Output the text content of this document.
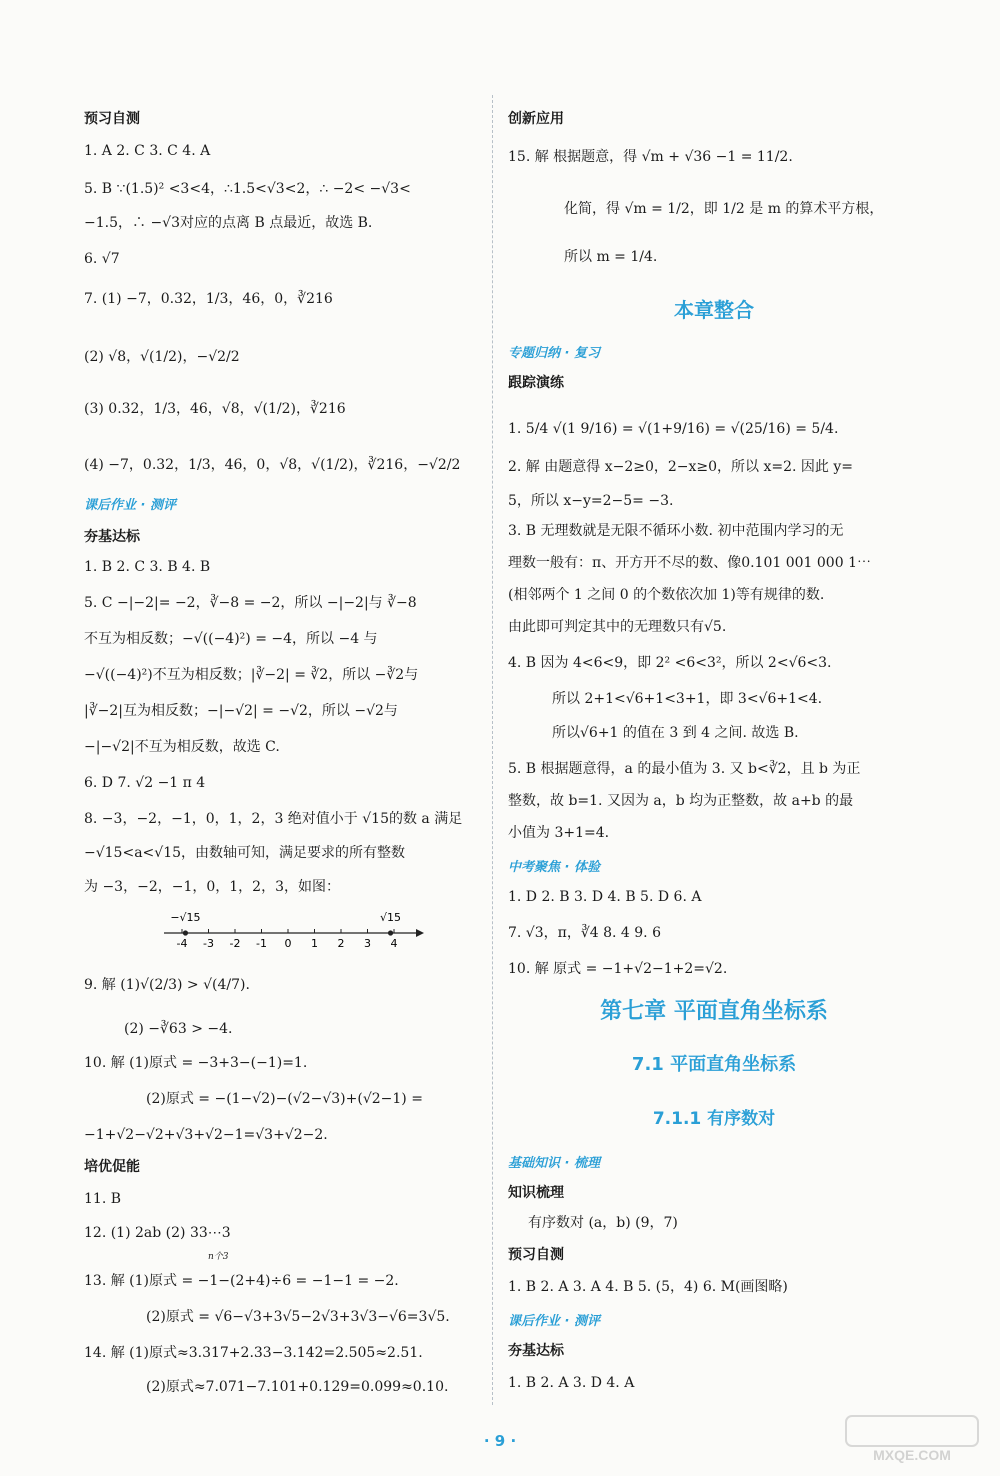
预习自测
1. A 2. C 3. C 4. A
5. B ∵(1.5)² <3<4，∴1.5<√3<2，∴ −2< −√3<
−1.5，∴ −√3对应的点离 B 点最近，故选 B.
6. √7
7. (1) −7，0.32，1/3，46，0，∛216
(2) √8，√(1/2)，−√2/2
(3) 0.32，1/3，46，√8，√(1/2)，∛216
(4) −7，0.32，1/3，46，0，√8，√(1/2)，∛216，−√2/2
课后作业 · 测评
夯基达标
1. B 2. C 3. B 4. B
5. C −|−2|= −2，∛−8 = −2，所以 −|−2|与 ∛−8
不互为相反数；−√((−4)²) = −4，所以 −4 与
−√((−4)²)不互为相反数；|∛−2| = ∛2，所以 −∛2与
|∛−2|互为相反数；−|−√2| = −√2，所以 −√2与
−|−√2|不互为相反数，故选 C.
6. D 7. √2 −1 π 4
8. −3，−2，−1，0，1，2，3 绝对值小于 √15的数 a 满足
−√15<a<√15，由数轴可知，满足要求的所有整数
为 −3，−2，−1，0，1，2，3，如图：
9. 解 (1)√(2/3) > √(4/7).
(2) −∛63 > −4.
10. 解 (1)原式 = −3+3−(−1)=1.
(2)原式 = −(1−√2)−(√2−√3)+(√2−1) =
−1+√2−√2+√3+√2−1=√3+√2−2.
培优促能
11. B
12. (1) 2ab (2) 33⋯3
n个3
13. 解 (1)原式 = −1−(2+4)÷6 = −1−1 = −2.
(2)原式 = √6−√3+3√5−2√3+3√3−√6=3√5.
14. 解 (1)原式≈3.317+2.33−3.142=2.505≈2.51.
(2)原式≈7.071−7.101+0.129=0.099≈0.10.
创新应用
15. 解 根据题意，得 √m + √36 −1 = 11/2.
化简，得 √m = 1/2，即 1/2 是 m 的算术平方根，
所以 m = 1/4.
专题归纳 · 复习
跟踪演练
1. 5/4 √(1 9/16) = √(1+9/16) = √(25/16) = 5/4.
2. 解 由题意得 x−2≥0，2−x≥0，所以 x=2. 因此 y=
5，所以 x−y=2−5= −3.
3. B 无理数就是无限不循环小数. 初中范围内学习的无
理数一般有：π、开方开不尽的数、像0.101 001 000 1⋯
(相邻两个 1 之间 0 的个数依次加 1)等有规律的数.
由此即可判定其中的无理数只有√5.
4. B 因为 4<6<9，即 2² <6<3²，所以 2<√6<3.
所以 2+1<√6+1<3+1，即 3<√6+1<4.
所以√6+1 的值在 3 到 4 之间. 故选 B.
5. B 根据题意得，a 的最小值为 3. 又 b<∛2，且 b 为正
整数，故 b=1. 又因为 a，b 均为正整数，故 a+b 的最
小值为 3+1=4.
中考聚焦 · 体验
1. D 2. B 3. D 4. B 5. D 6. A
7. √3，π，∛4 8. 4 9. 6
10. 解 原式 = −1+√2−1+2=√2.
基础知识 · 梳理
知识梳理
有序数对 (a，b) (9，7)
预习自测
1. B 2. A 3. A 4. B 5. (5，4) 6. M(画图略)
课后作业 · 测评
夯基达标
1. B 2. A 3. D 4. A
本章整合
第七章 平面直角坐标系
7.1 平面直角坐标系
7.1.1 有序数对
-4 -3 -2 -1 0 1 2 3 4
−√15	√15
· 9 ·
MXQE.COM
